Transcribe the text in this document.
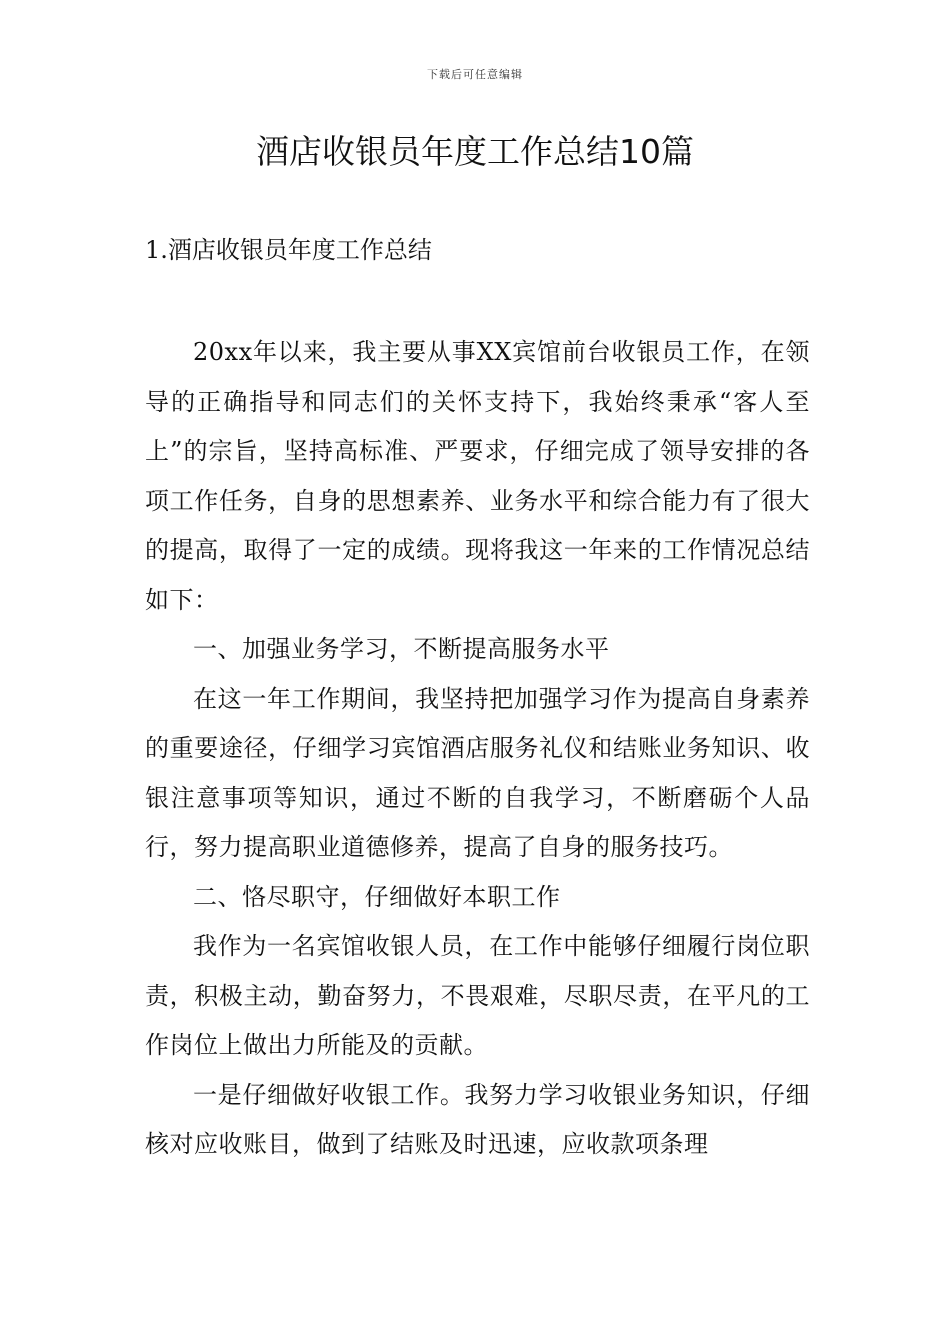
下载后可任意编辑
酒店收银员年度工作总结10篇
1.酒店收银员年度工作总结

20xx年以来，我主要从事XX宾馆前台收银员工作，在领导的正确指导和同志们的关怀支持下，我始终秉承“客人至上”的宗旨，坚持高标准、严要求，仔细完成了领导安排的各项工作任务，自身的思想素养、业务水平和综合能力有了很大的提高，取得了一定的成绩。现将我这一年来的工作情况总结如下：

一、加强业务学习，不断提高服务水平

在这一年工作期间，我坚持把加强学习作为提高自身素养的重要途径，仔细学习宾馆酒店服务礼仪和结账业务知识、收银注意事项等知识，通过不断的自我学习，不断磨砺个人品行，努力提高职业道德修养，提高了自身的服务技巧。

二、恪尽职守，仔细做好本职工作

我作为一名宾馆收银人员，在工作中能够仔细履行岗位职责，积极主动，勤奋努力，不畏艰难，尽职尽责，在平凡的工作岗位上做出力所能及的贡献。

一是仔细做好收银工作。我努力学习收银业务知识，仔细核对应收账目，做到了结账及时迅速，应收款项条理
